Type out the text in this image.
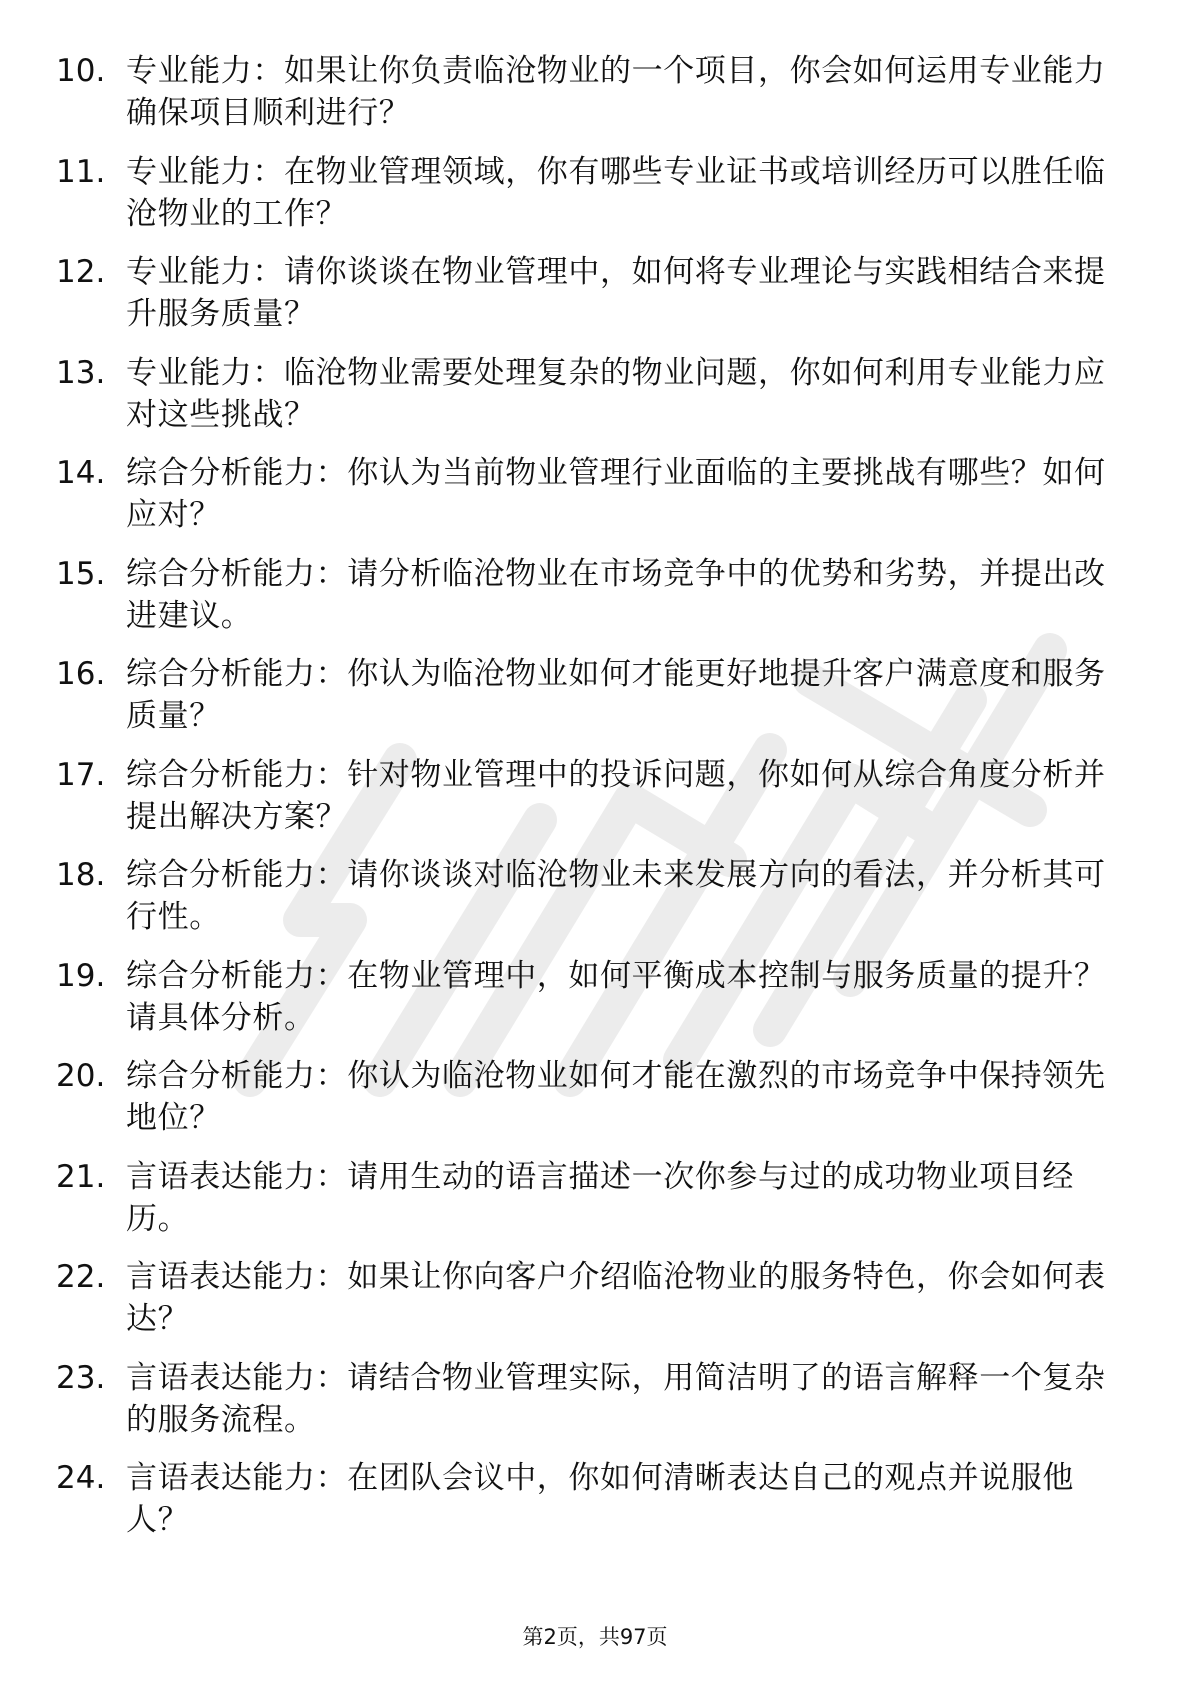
10. 专业能力：如果让你负责临沧物业的一个项目，你会如何运用专业能力确保项目顺利进行？
11. 专业能力：在物业管理领域，你有哪些专业证书或培训经历可以胜任临沧物业的工作？
12. 专业能力：请你谈谈在物业管理中，如何将专业理论与实践相结合来提升服务质量？
13. 专业能力：临沧物业需要处理复杂的物业问题，你如何利用专业能力应对这些挑战？
14. 综合分析能力：你认为当前物业管理行业面临的主要挑战有哪些？如何应对？
15. 综合分析能力：请分析临沧物业在市场竞争中的优势和劣势，并提出改进建议。
16. 综合分析能力：你认为临沧物业如何才能更好地提升客户满意度和服务质量？
17. 综合分析能力：针对物业管理中的投诉问题，你如何从综合角度分析并提出解决方案？
18. 综合分析能力：请你谈谈对临沧物业未来发展方向的看法，并分析其可行性。
19. 综合分析能力：在物业管理中，如何平衡成本控制与服务质量的提升？请具体分析。
20. 综合分析能力：你认为临沧物业如何才能在激烈的市场竞争中保持领先地位？
21. 言语表达能力：请用生动的语言描述一次你参与过的成功物业项目经历。
22. 言语表达能力：如果让你向客户介绍临沧物业的服务特色，你会如何表达？
23. 言语表达能力：请结合物业管理实际，用简洁明了的语言解释一个复杂的服务流程。
24. 言语表达能力：在团队会议中，你如何清晰表达自己的观点并说服他人？
第2页，共97页
